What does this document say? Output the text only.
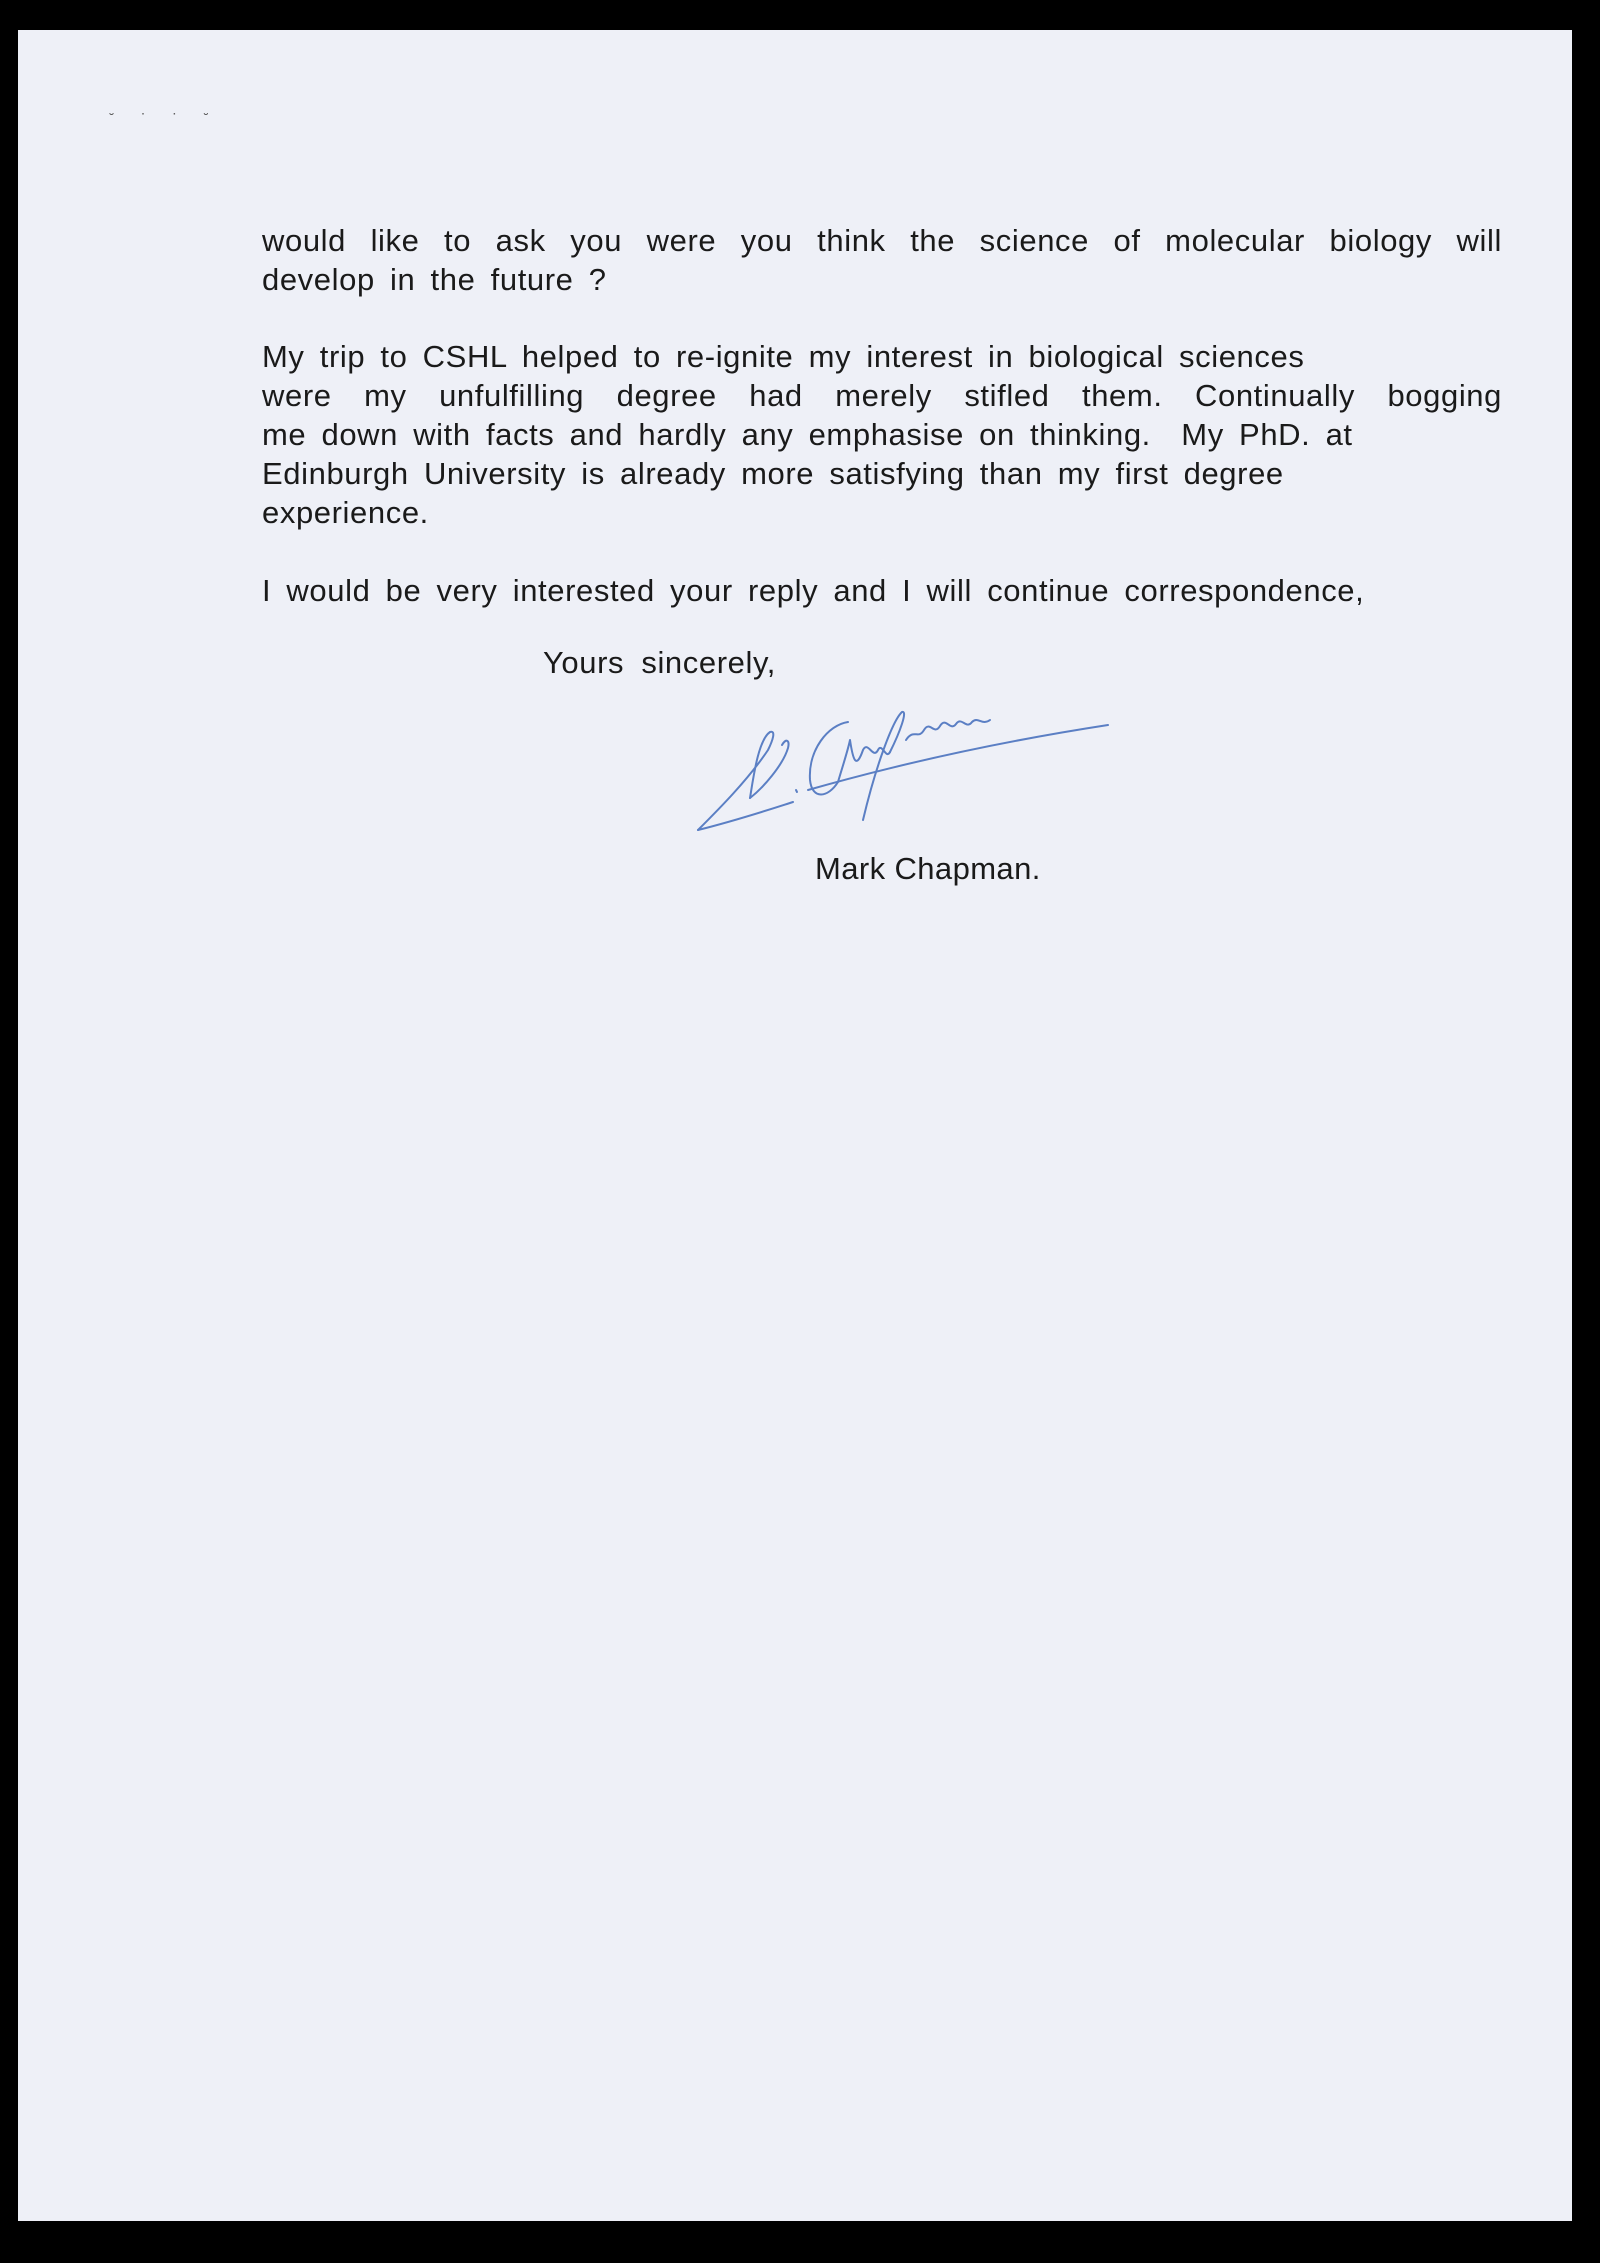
˘ ˙ ˙ ˘
would like to ask you were you think the science of molecular biology will
develop in the future ?
My trip to CSHL helped to re-ignite my interest in biological sciences
were my unfulfilling degree had merely stifled them. Continually bogging
me down with facts and hardly any emphasise on thinking.  My PhD. at
Edinburgh University is already more satisfying than my first degree
experience.
I would be very interested your reply and I will continue correspondence,

Yours sincerely,

Mark Chapman.
